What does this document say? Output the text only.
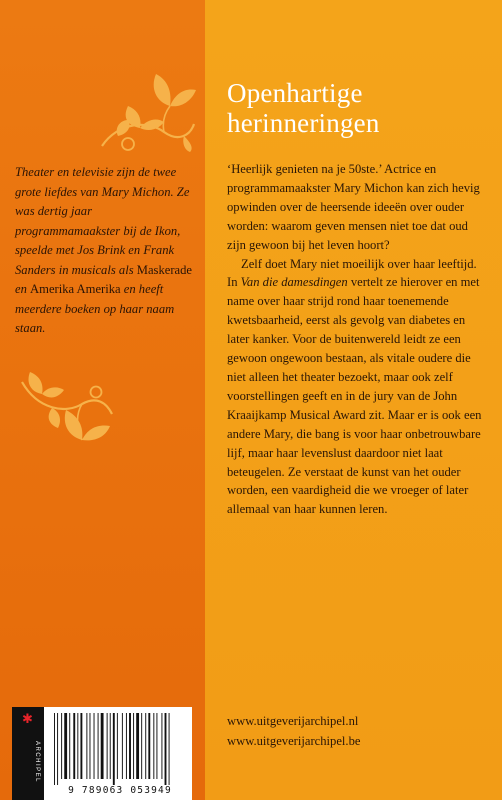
Theater en televisie zijn de twee grote liefdes van Mary Michon. Ze was dertig jaar programmamaakster bij de Ikon, speelde met Jos Brink en Frank Sanders in musicals als Maskerade en Amerika Amerika en heeft meerdere boeken op haar naam staan.
Openhartige
herinneringen

‘Heerlijk genieten na je 50ste.’ Actrice en programmamaakster Mary Michon kan zich hevig opwinden over de heersende ideeën over ouder worden: waarom geven mensen niet toe dat oud zijn gewoon bij het leven hoort?

Zelf doet Mary niet moeilijk over haar leeftijd. In Van die damesdingen vertelt ze hierover en met name over haar strijd rond haar toenemende kwetsbaarheid, eerst als gevolg van diabetes en later kanker. Voor de buitenwereld leidt ze een gewoon ongewoon bestaan, als vitale oudere die niet alleen het theater bezoekt, maar ook zelf voorstellingen geeft en in de jury van de John Kraaijkamp Musical Award zit. Maar er is ook een andere Mary, die bang is voor haar onbetrouwbare lijf, maar haar levenslust daardoor niet laat beteugelen. Ze verstaat de kunst van het ouder worden, een vaardigheid die we vroeger of later allemaal van haar kunnen leren.

www.uitgeverijarchipel.nl
www.uitgeverijarchipel.be
✱
ARCHIPEL
9 789063 053949
